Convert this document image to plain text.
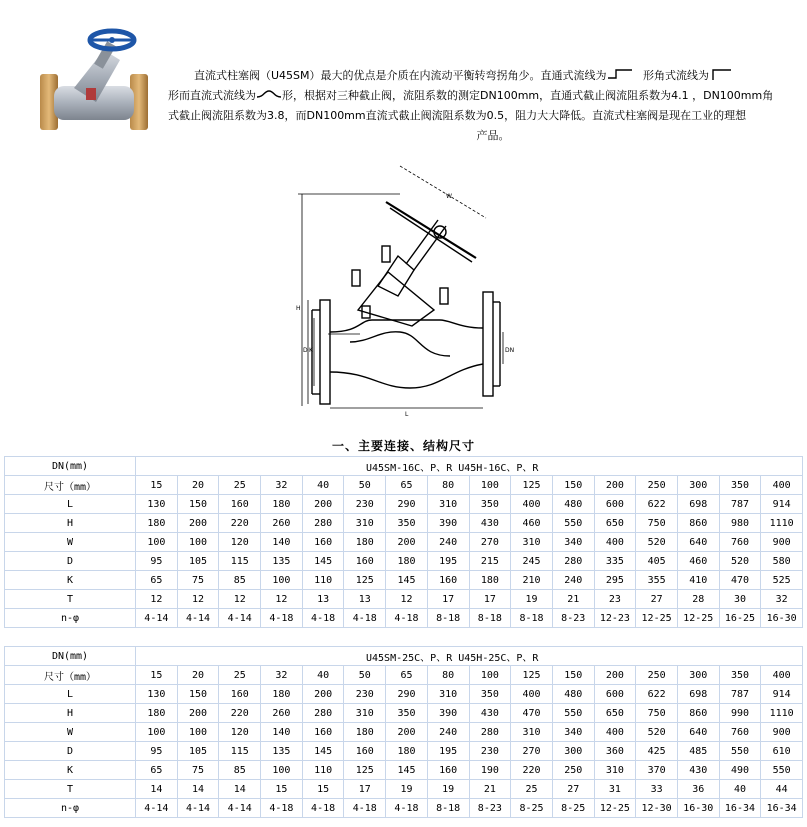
直流式柱塞阀（U45SM）最大的优点是介质在内流动平衡转弯拐角少。直通式流线为	形角式流线为

形而直流式流线为 形，根据对三种截止阀，流阻系数的测定DN100mm，直通式截止阀流阻系数为4.1 ，DN100mm角

式截止阀流阻系数为3.8，而DN100mm直流式截止阀流阻系数为0.5，阻力大大降低。直流式柱塞阀是现在工业的理想

产品。

H
D K	DN
L
W
一、主要连接、结构尺寸
DN(mm)	U45SM-16C、P、R U45H-16C、P、R															
尺寸（mm）	15	20	25	32	40	50	65	80	100	125	150	200	250	300	350	400
L	130	150	160	180	200	230	290	310	350	400	480	600	622	698	787	914
H	180	200	220	260	280	310	350	390	430	460	550	650	750	860	980	1110
W	100	100	120	140	160	180	200	240	270	310	340	400	520	640	760	900
D	95	105	115	135	145	160	180	195	215	245	280	335	405	460	520	580
K	65	75	85	100	110	125	145	160	180	210	240	295	355	410	470	525
T	12	12	12	12	13	13	12	17	17	19	21	23	27	28	30	32
n-φ	4-14	4-14	4-14	4-18	4-18	4-18	4-18	8-18	8-18	8-18	8-23	12-23	12-25	12-25	16-25	16-30
DN(mm)	U45SM-25C、P、R U45H-25C、P、R															
尺寸（mm）	15	20	25	32	40	50	65	80	100	125	150	200	250	300	350	400
L	130	150	160	180	200	230	290	310	350	400	480	600	622	698	787	914
H	180	200	220	260	280	310	350	390	430	470	550	650	750	860	990	1110
W	100	100	120	140	160	180	200	240	280	310	340	400	520	640	760	900
D	95	105	115	135	145	160	180	195	230	270	300	360	425	485	550	610
K	65	75	85	100	110	125	145	160	190	220	250	310	370	430	490	550
T	14	14	14	15	15	17	19	19	21	25	27	31	33	36	40	44
n-φ	4-14	4-14	4-14	4-18	4-18	4-18	4-18	8-18	8-23	8-25	8-25	12-25	12-30	16-30	16-34	16-34
